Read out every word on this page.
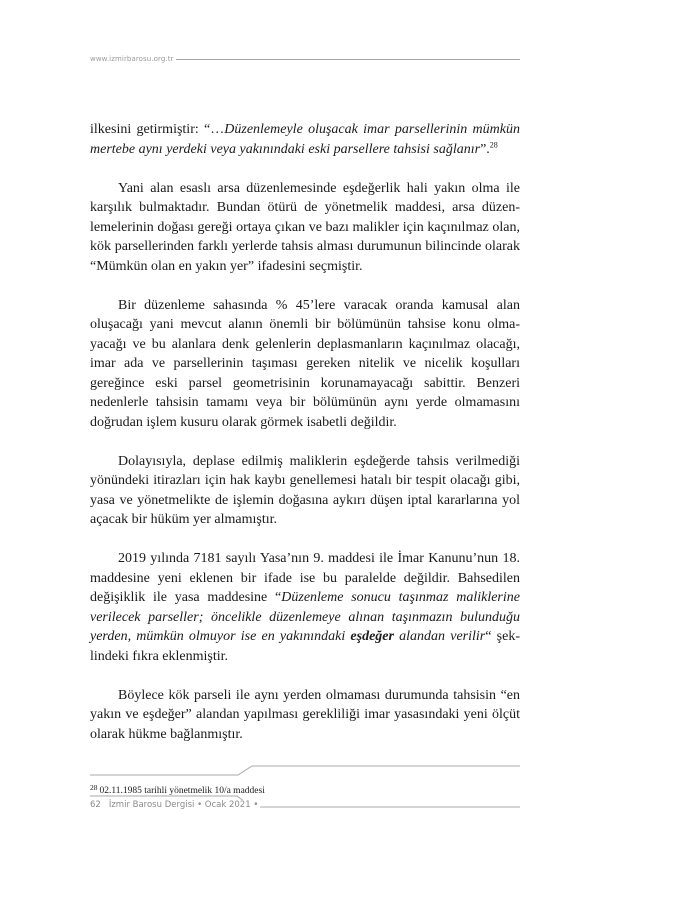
www.izmirbarosu.org.tr

ilkesini getirmiştir: “…Düzenlemeyle oluşacak imar parsellerinin mümkün mertebe aynı yerdeki veya yakınındaki eski parsellere tahsisi sağlanır”.$^{28}$

Yani alan esaslı arsa düzenlemesinde eşdeğerlik hali yakın olma ile karşılık bulmaktadır. Bundan ötürü de yönetmelik maddesi, arsa düzenlemelerinin doğası gereği ortaya çıkan ve bazı malikler için kaçınılmaz olan, kök parsellerinden farklı yerlerde tahsis alması durumunun bilincinde olarak “Mümkün olan en yakın yer” ifadesini seçmiştir.

Bir düzenleme sahasında % 45’lere varacak oranda kamusal alan oluşacağı yani mevcut alanın önemli bir bölümünün tahsise konu olmayacağı ve bu alanlara denk gelenlerin deplasmanların kaçınılmaz olacağı, imar ada ve parsellerinin taşıması gereken nitelik ve nicelik koşulları gereğince eski parsel geometrisinin korunamayacağı sabittir. Benzeri nedenlerle tahsisin tamamı veya bir bölümünün aynı yerde olmamasını doğrudan işlem kusuru olarak görmek isabetli değildir.

Dolayısıyla, deplase edilmiş maliklerin eşdeğerde tahsis verilmediği yönündeki itirazları için hak kaybı genellemesi hatalı bir tespit olacağı gibi, yasa ve yönetmelikte de işlemin doğasına aykırı düşen iptal kararlarına yol açacak bir hüküm yer almamıştır.

2019 yılında 7181 sayılı Yasa’nın 9. maddesi ile İmar Kanunu’nun 18. maddesine yeni eklenen bir ifade ise bu paralelde değildir. Bahsedilen değişiklik ile yasa maddesine “Düzenleme sonucu taşınmaz maliklerine verilecek parseller; öncelikle düzenlemeye alınan taşınmazın bulunduğu yerden, mümkün olmuyor ise en yakınındaki eşdeğer alandan verilir“ şeklindeki fıkra eklenmiştir.

Böylece kök parseli ile aynı yerden olmaması durumunda tahsisin “en yakın ve eşdeğer” alandan yapılması gerekliliği imar yasasındaki yeni ölçüt olarak hükme bağlanmıştır.

$^{28}$ 02.11.1985 tarihli yönetmelik 10/a maddesi
62 İzmir Barosu Dergisi • Ocak 2021 •
